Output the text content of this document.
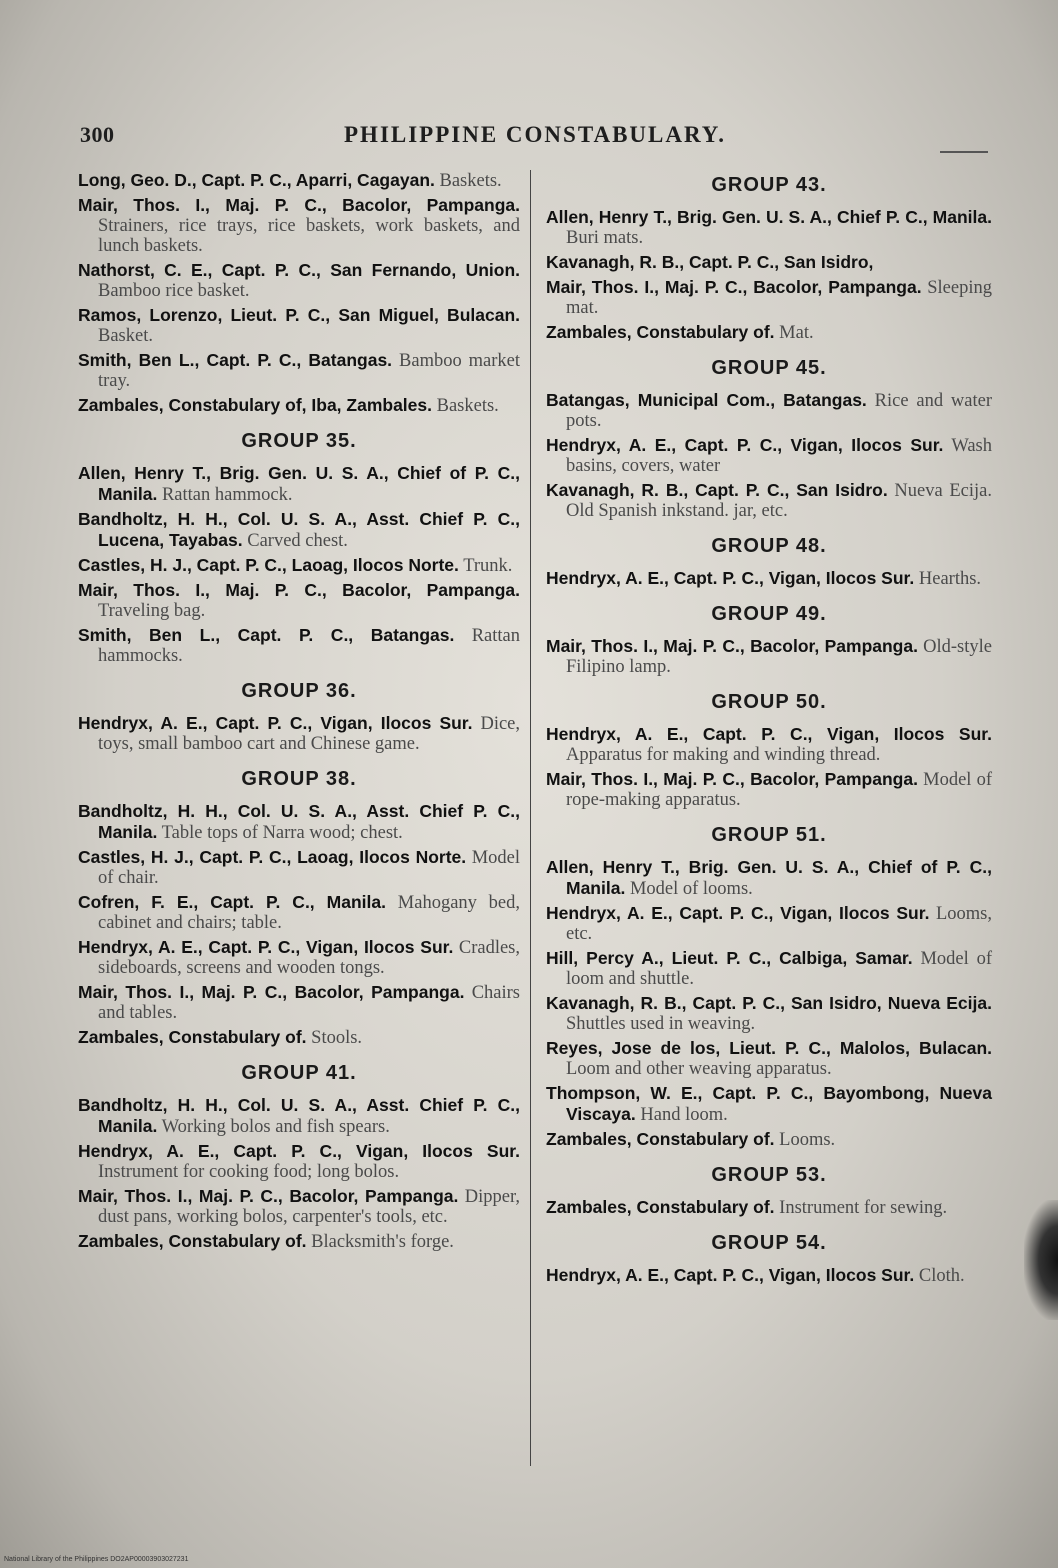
300	PHILIPPINE CONSTABULARY.
Long, Geo. D., Capt. P. C., Aparri, Cagayan. Baskets.
Mair, Thos. I., Maj. P. C., Bacolor, Pampanga. Strainers, rice trays, rice baskets, work baskets, and lunch baskets.
Nathorst, C. E., Capt. P. C., San Fernando, Union. Bamboo rice basket.
Ramos, Lorenzo, Lieut. P. C., San Miguel, Bulacan. Basket.
Smith, Ben L., Capt. P. C., Batangas. Bamboo market tray.
Zambales, Constabulary of, Iba, Zambales. Baskets.
GROUP 35.
Allen, Henry T., Brig. Gen. U. S. A., Chief of P. C., Manila. Rattan hammock.
Bandholtz, H. H., Col. U. S. A., Asst. Chief P. C., Lucena, Tayabas. Carved chest.
Castles, H. J., Capt. P. C., Laoag, Ilocos Norte. Trunk.
Mair, Thos. I., Maj. P. C., Bacolor, Pampanga. Traveling bag.
Smith, Ben L., Capt. P. C., Batangas. Rattan hammocks.
GROUP 36.
Hendryx, A. E., Capt. P. C., Vigan, Ilocos Sur. Dice, toys, small bamboo cart and Chinese game.
GROUP 38.
Bandholtz, H. H., Col. U. S. A., Asst. Chief P. C., Manila. Table tops of Narra wood; chest.
Castles, H. J., Capt. P. C., Laoag, Ilocos Norte. Model of chair.
Cofren, F. E., Capt. P. C., Manila. Mahogany bed, cabinet and chairs; table.
Hendryx, A. E., Capt. P. C., Vigan, Ilocos Sur. Cradles, sideboards, screens and wooden tongs.
Mair, Thos. I., Maj. P. C., Bacolor, Pampanga. Chairs and tables.
Zambales, Constabulary of. Stools.
GROUP 41.
Bandholtz, H. H., Col. U. S. A., Asst. Chief P. C., Manila. Working bolos and fish spears.
Hendryx, A. E., Capt. P. C., Vigan, Ilocos Sur. Instrument for cooking food; long bolos.
Mair, Thos. I., Maj. P. C., Bacolor, Pampanga. Dipper, dust pans, working bolos, carpenter's tools, etc.
Zambales, Constabulary of. Blacksmith's forge.
GROUP 43.
Allen, Henry T., Brig. Gen. U. S. A., Chief P. C., Manila. Buri mats.
Kavanagh, R. B., Capt. P. C., San Isidro,
Mair, Thos. I., Maj. P. C., Bacolor, Pampanga. Sleeping mat.
Zambales, Constabulary of. Mat.
GROUP 45.
Batangas, Municipal Com., Batangas. Rice and water pots.
Hendryx, A. E., Capt. P. C., Vigan, Ilocos Sur. Wash basins, covers, water
Kavanagh, R. B., Capt. P. C., San Isidro. Nueva Ecija. Old Spanish inkstand. jar, etc.
GROUP 48.
Hendryx, A. E., Capt. P. C., Vigan, Ilocos Sur. Hearths.
GROUP 49.
Mair, Thos. I., Maj. P. C., Bacolor, Pampanga. Old-style Filipino lamp.
GROUP 50.
Hendryx, A. E., Capt. P. C., Vigan, Ilocos Sur. Apparatus for making and winding thread.
Mair, Thos. I., Maj. P. C., Bacolor, Pampanga. Model of rope-making apparatus.
GROUP 51.
Allen, Henry T., Brig. Gen. U. S. A., Chief of P. C., Manila. Model of looms.
Hendryx, A. E., Capt. P. C., Vigan, Ilocos Sur. Looms, etc.
Hill, Percy A., Lieut. P. C., Calbiga, Samar. Model of loom and shuttle.
Kavanagh, R. B., Capt. P. C., San Isidro, Nueva Ecija. Shuttles used in weaving.
Reyes, Jose de los, Lieut. P. C., Malolos, Bulacan. Loom and other weaving apparatus.
Thompson, W. E., Capt. P. C., Bayombong, Nueva Viscaya. Hand loom.
Zambales, Constabulary of. Looms.
GROUP 53.
Zambales, Constabulary of. Instrument for sewing.
GROUP 54.
Hendryx, A. E., Capt. P. C., Vigan, Ilocos Sur. Cloth.
National Library of the Philippines DO2AP00003903027231
